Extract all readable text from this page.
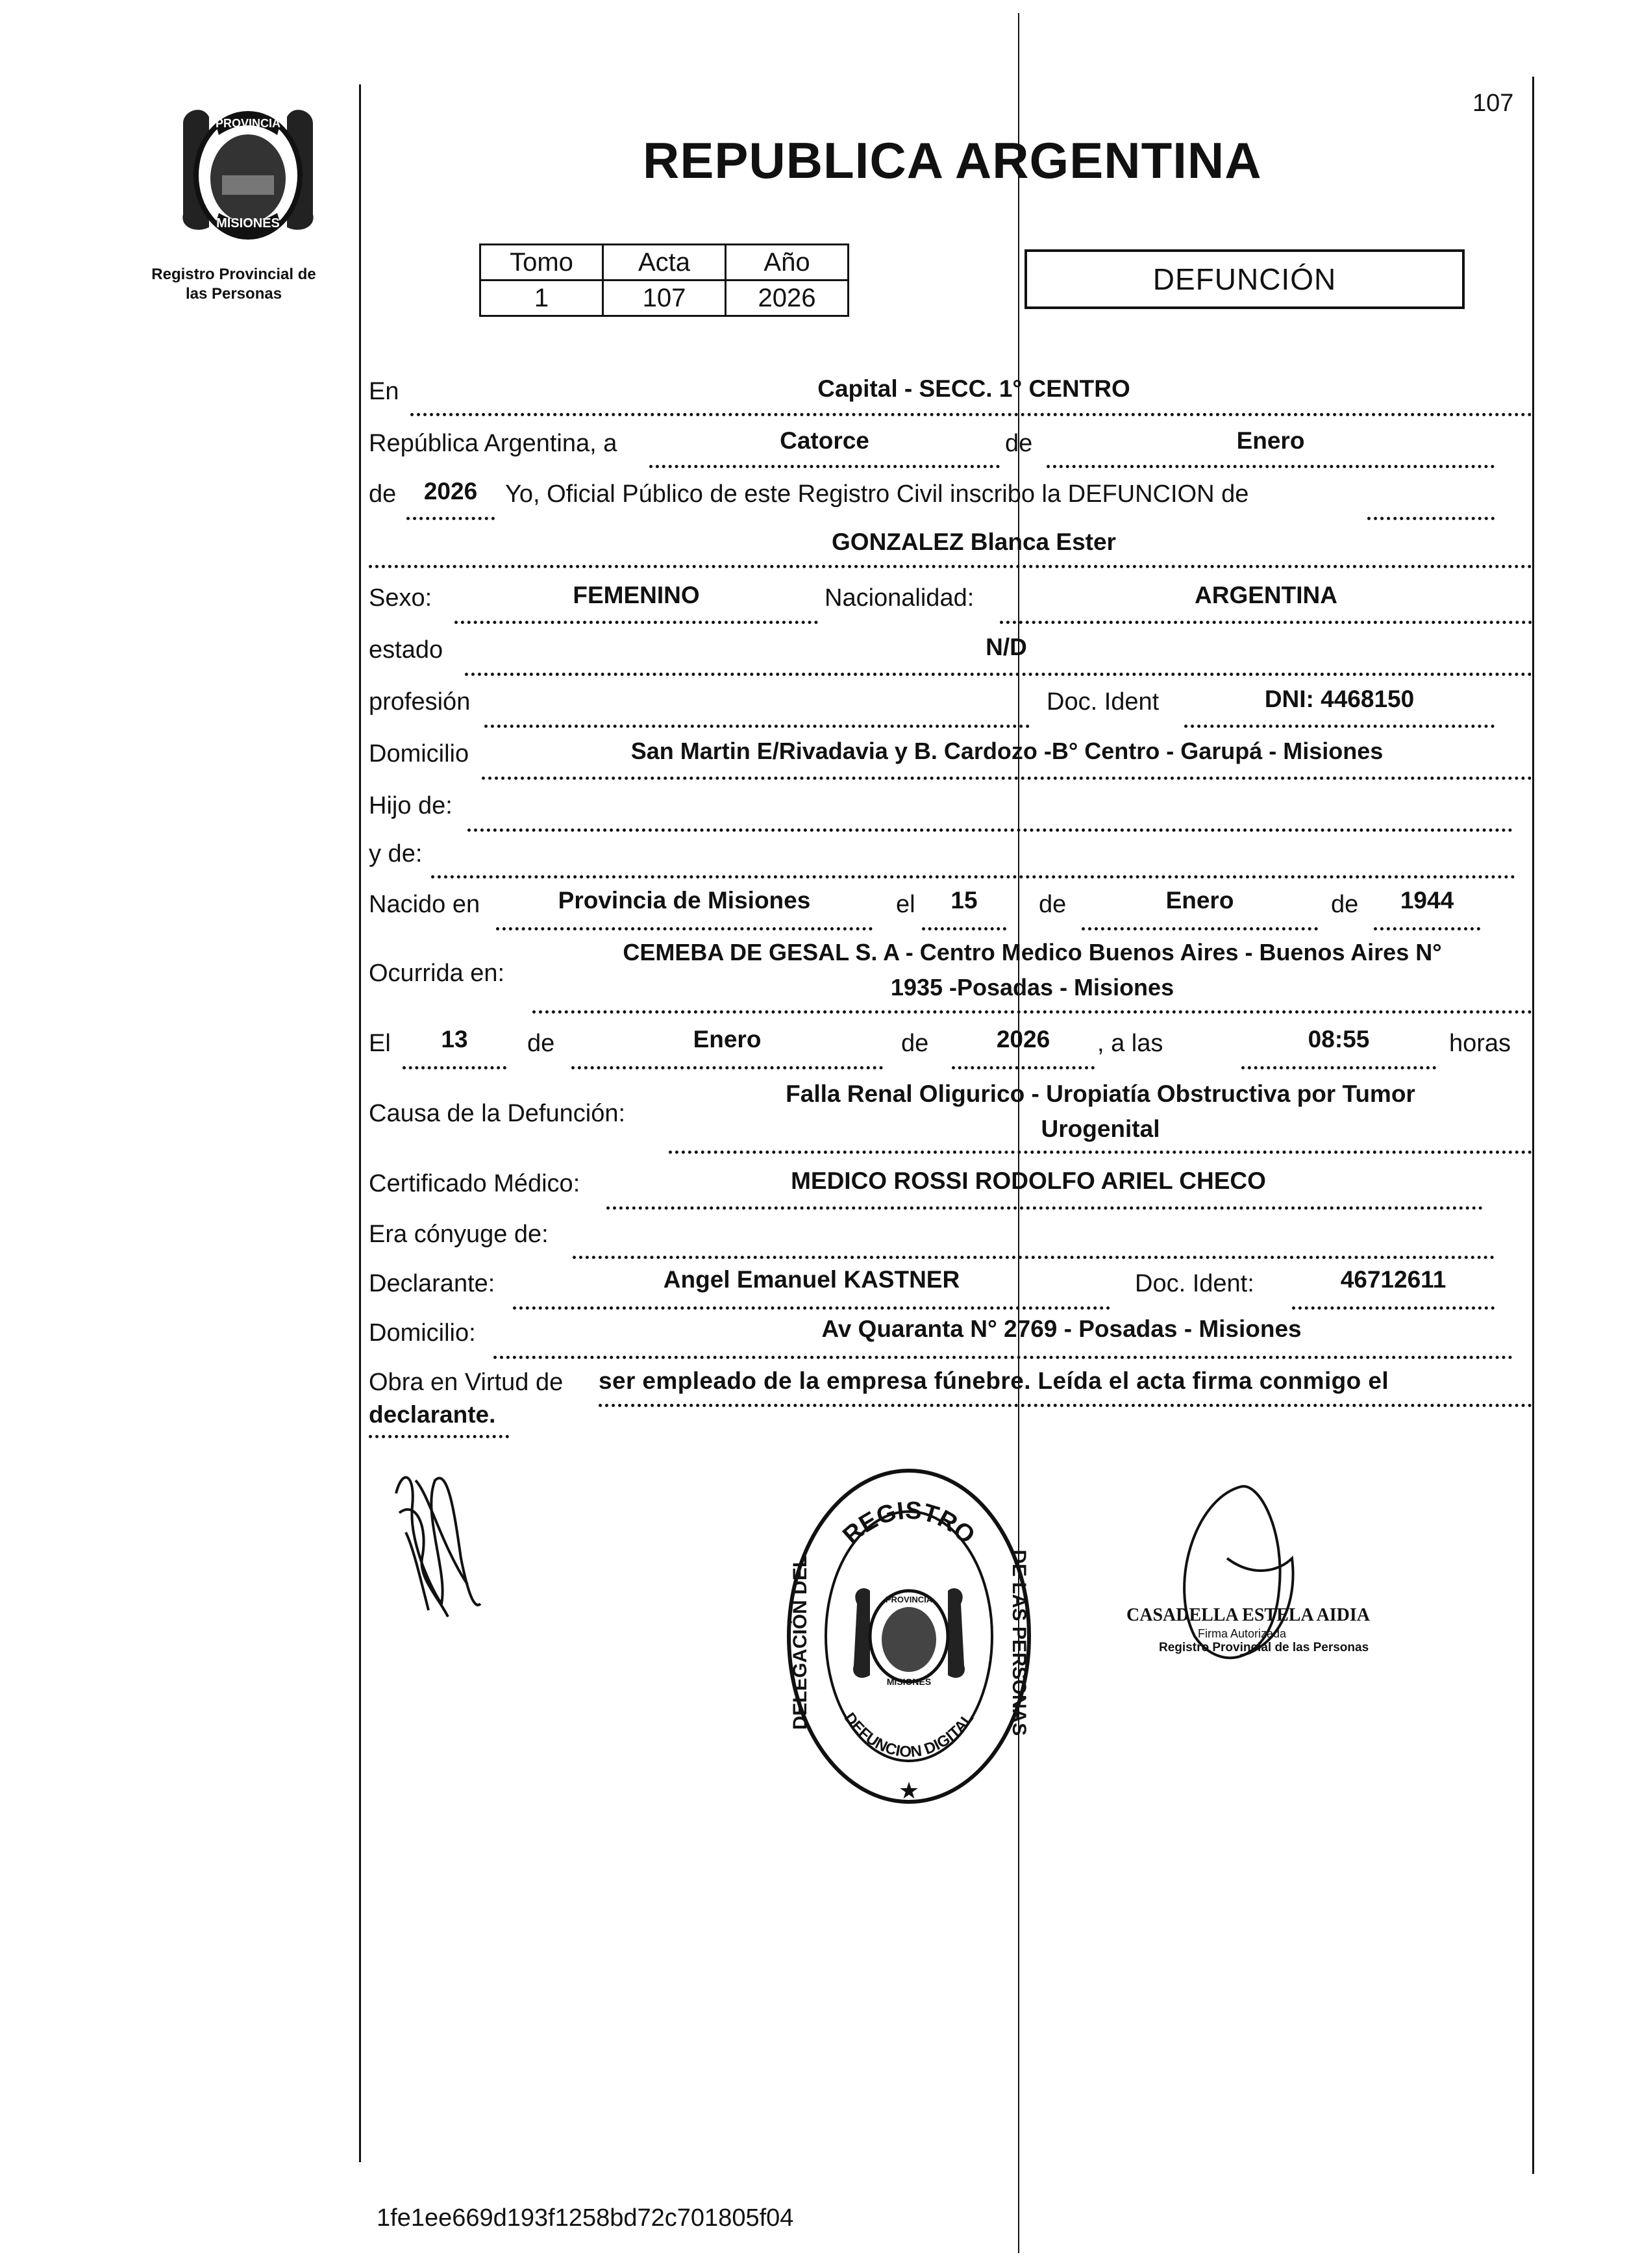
107
PROVINCIA
MISIONES
Registro Provincial de
las Personas
REPUBLICA ARGENTINA
Tomo	Acta	Año
1	107	2026
DEFUNCIÓN
En	Capital - SECC. 1° CENTRO
República Argentina, a	Catorce	de	Enero
de	2026	Yo, Oficial Público de este Registro Civil inscribo la DEFUNCION de
GONZALEZ Blanca Ester
Sexo:	FEMENINO	Nacionalidad:	ARGENTINA
estado	N/D
profesión	Doc. Ident	DNI: 4468150
Domicilio	San Martin E/Rivadavia y B. Cardozo -B° Centro - Garupá - Misiones
Hijo de:
y de:
Nacido en	Provincia de Misiones	el	15	de	Enero	de	1944
Ocurrida en:
CEMEBA DE GESAL S. A - Centro Medico Buenos Aires - Buenos Aires N°
1935 -Posadas - Misiones
El	13	de	Enero	de	2026	, a las	08:55	horas
Causa de la Defunción:
Falla Renal Oligurico - Uropiatía Obstructiva por Tumor
Urogenital
Certificado Médico:	MEDICO ROSSI RODOLFO ARIEL CHECO
Era cónyuge de:
Declarante:	Angel Emanuel KASTNER	Doc. Ident:	46712611
Domicilio:	Av Quaranta N° 2769 - Posadas - Misiones
Obra en Virtud de ser empleado de la empresa fúnebre. Leída el acta firma conmigo el
declarante.
REGISTRO
DELEGACIÓN DEL	DE LAS PERSONAS
DEFUNCION DIGITAL
★
PROVINCIA
MISIONES
CASADELLA ESTELA AIDIA
Firma Autorizada
Registro Provincial de las Personas
1fe1ee669d193f1258bd72c701805f04
